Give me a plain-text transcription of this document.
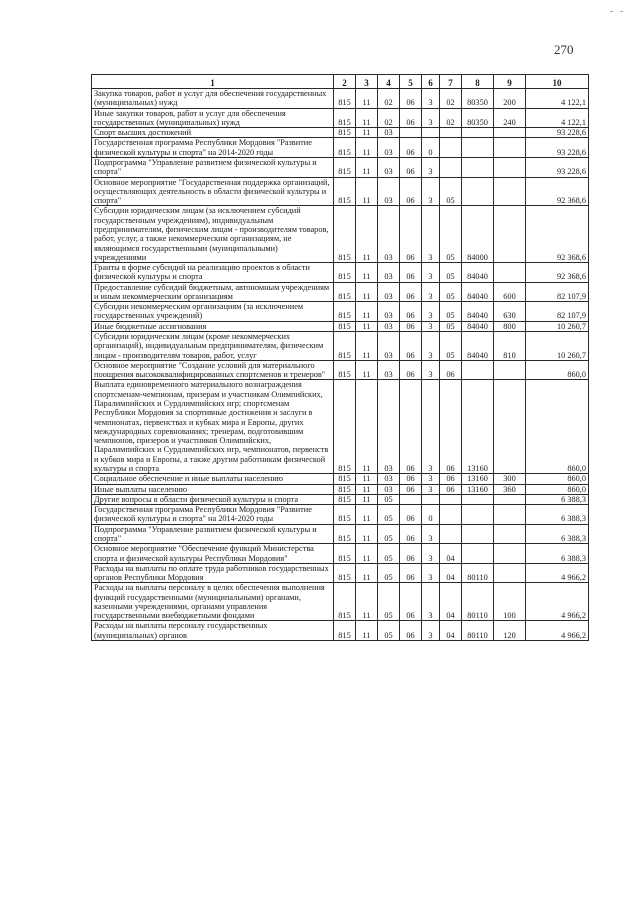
270
- -
1	2	3	4	5	6	7	8	9	10
Закупка товаров, работ и услуг для обеспечения государственных (муниципальных) нужд	815	11	02	06	3	02	80350	200	4 122,1
Иные закупки товаров, работ и услуг для обеспечения государственных (муниципальных) нужд	815	11	02	06	3	02	80350	240	4 122,1
Спорт высших достижений	815	11	03						93 228,6
Государственная программа Республики Мордовия "Развитие физической культуры и спорта" на 2014-2020 годы	815	11	03	06	0				93 228,6
Подпрограмма "Управление развитием физической культуры и спорта"	815	11	03	06	3				93 228,6
Основное мероприятие "Государственная поддержка организаций, осуществляющих деятельность в области физической культуры и спорта"	815	11	03	06	3	05			92 368,6
Субсидии юридическим лицам (за исключением субсидий государственным учреждениям), индивидуальным предпринимателям, физическим лицам - производителям товаров, работ, услуг, а также некоммерческим организациям, не являющимся государственными (муниципальными) учреждениями	815	11	03	06	3	05	84000		92 368,6
Гранты в форме субсидий на реализацию проектов в области физической культуры и спорта	815	11	03	06	3	05	84040		92 368,6
Предоставление субсидий бюджетным, автономным учреждениям и иным некоммерческим организациям	815	11	03	06	3	05	84040	600	82 107,9
Субсидии некоммерческим организациям (за исключением государственных учреждений)	815	11	03	06	3	05	84040	630	82 107,9
Иные бюджетные ассигнования	815	11	03	06	3	05	84040	800	10 260,7
Субсидии юридическим лицам (кроме некоммерческих организаций), индивидуальным предпринимателям, физическим лицам - производителям товаров, работ, услуг	815	11	03	06	3	05	84040	810	10 260,7
Основное мероприятие "Создание условий для материального поощрения высококвалифицированных спортсменов и тренеров"	815	11	03	06	3	06			860,0
Выплата единовременного материального вознаграждения спортсменам-чемпионам, призерам и участникам Олимпийских, Паралимпийских и Сурдлимпийских игр; спортсменам Республики Мордовия за спортивные достижения и заслуги в чемпионатах, первенствах и кубках мира и Европы, других международных соревнованиях; тренерам, подготовившим чемпионов, призеров и участников Олимпийских, Паралимпийских и Сурдлимпийских игр, чемпионатов, первенств и кубков мира и Европы, а также другим работникам физической культуры и спорта	815	11	03	06	3	06	13160		860,0
Социальное обеспечение и иные выплаты населению	815	11	03	06	3	06	13160	300	860,0
Иные выплаты населению	815	11	03	06	3	06	13160	360	860,0
Другие вопросы в области физической культуры и спорта	815	11	05						6 388,3
Государственная программа Республики Мордовия "Развитие физической культуры и спорта" на 2014-2020 годы	815	11	05	06	0				6 388,3
Подпрограмма "Управление развитием физической культуры и спорта"	815	11	05	06	3				6 388,3
Основное мероприятие "Обеспечение функций Министерства спорта и физической культуры Республики Мордовия"	815	11	05	06	3	04			6 388,3
Расходы на выплаты по оплате труда работников государственных органов Республики Мордовия	815	11	05	06	3	04	80110		4 966,2
Расходы на выплаты персоналу в целях обеспечения выполнения функций государственными (муниципальными) органами, казенными учреждениями, органами управления государственными внебюджетными фондами	815	11	05	06	3	04	80110	100	4 966,2
Расходы на выплаты персоналу государственных (муниципальных) органов	815	11	05	06	3	04	80110	120	4 966,2
